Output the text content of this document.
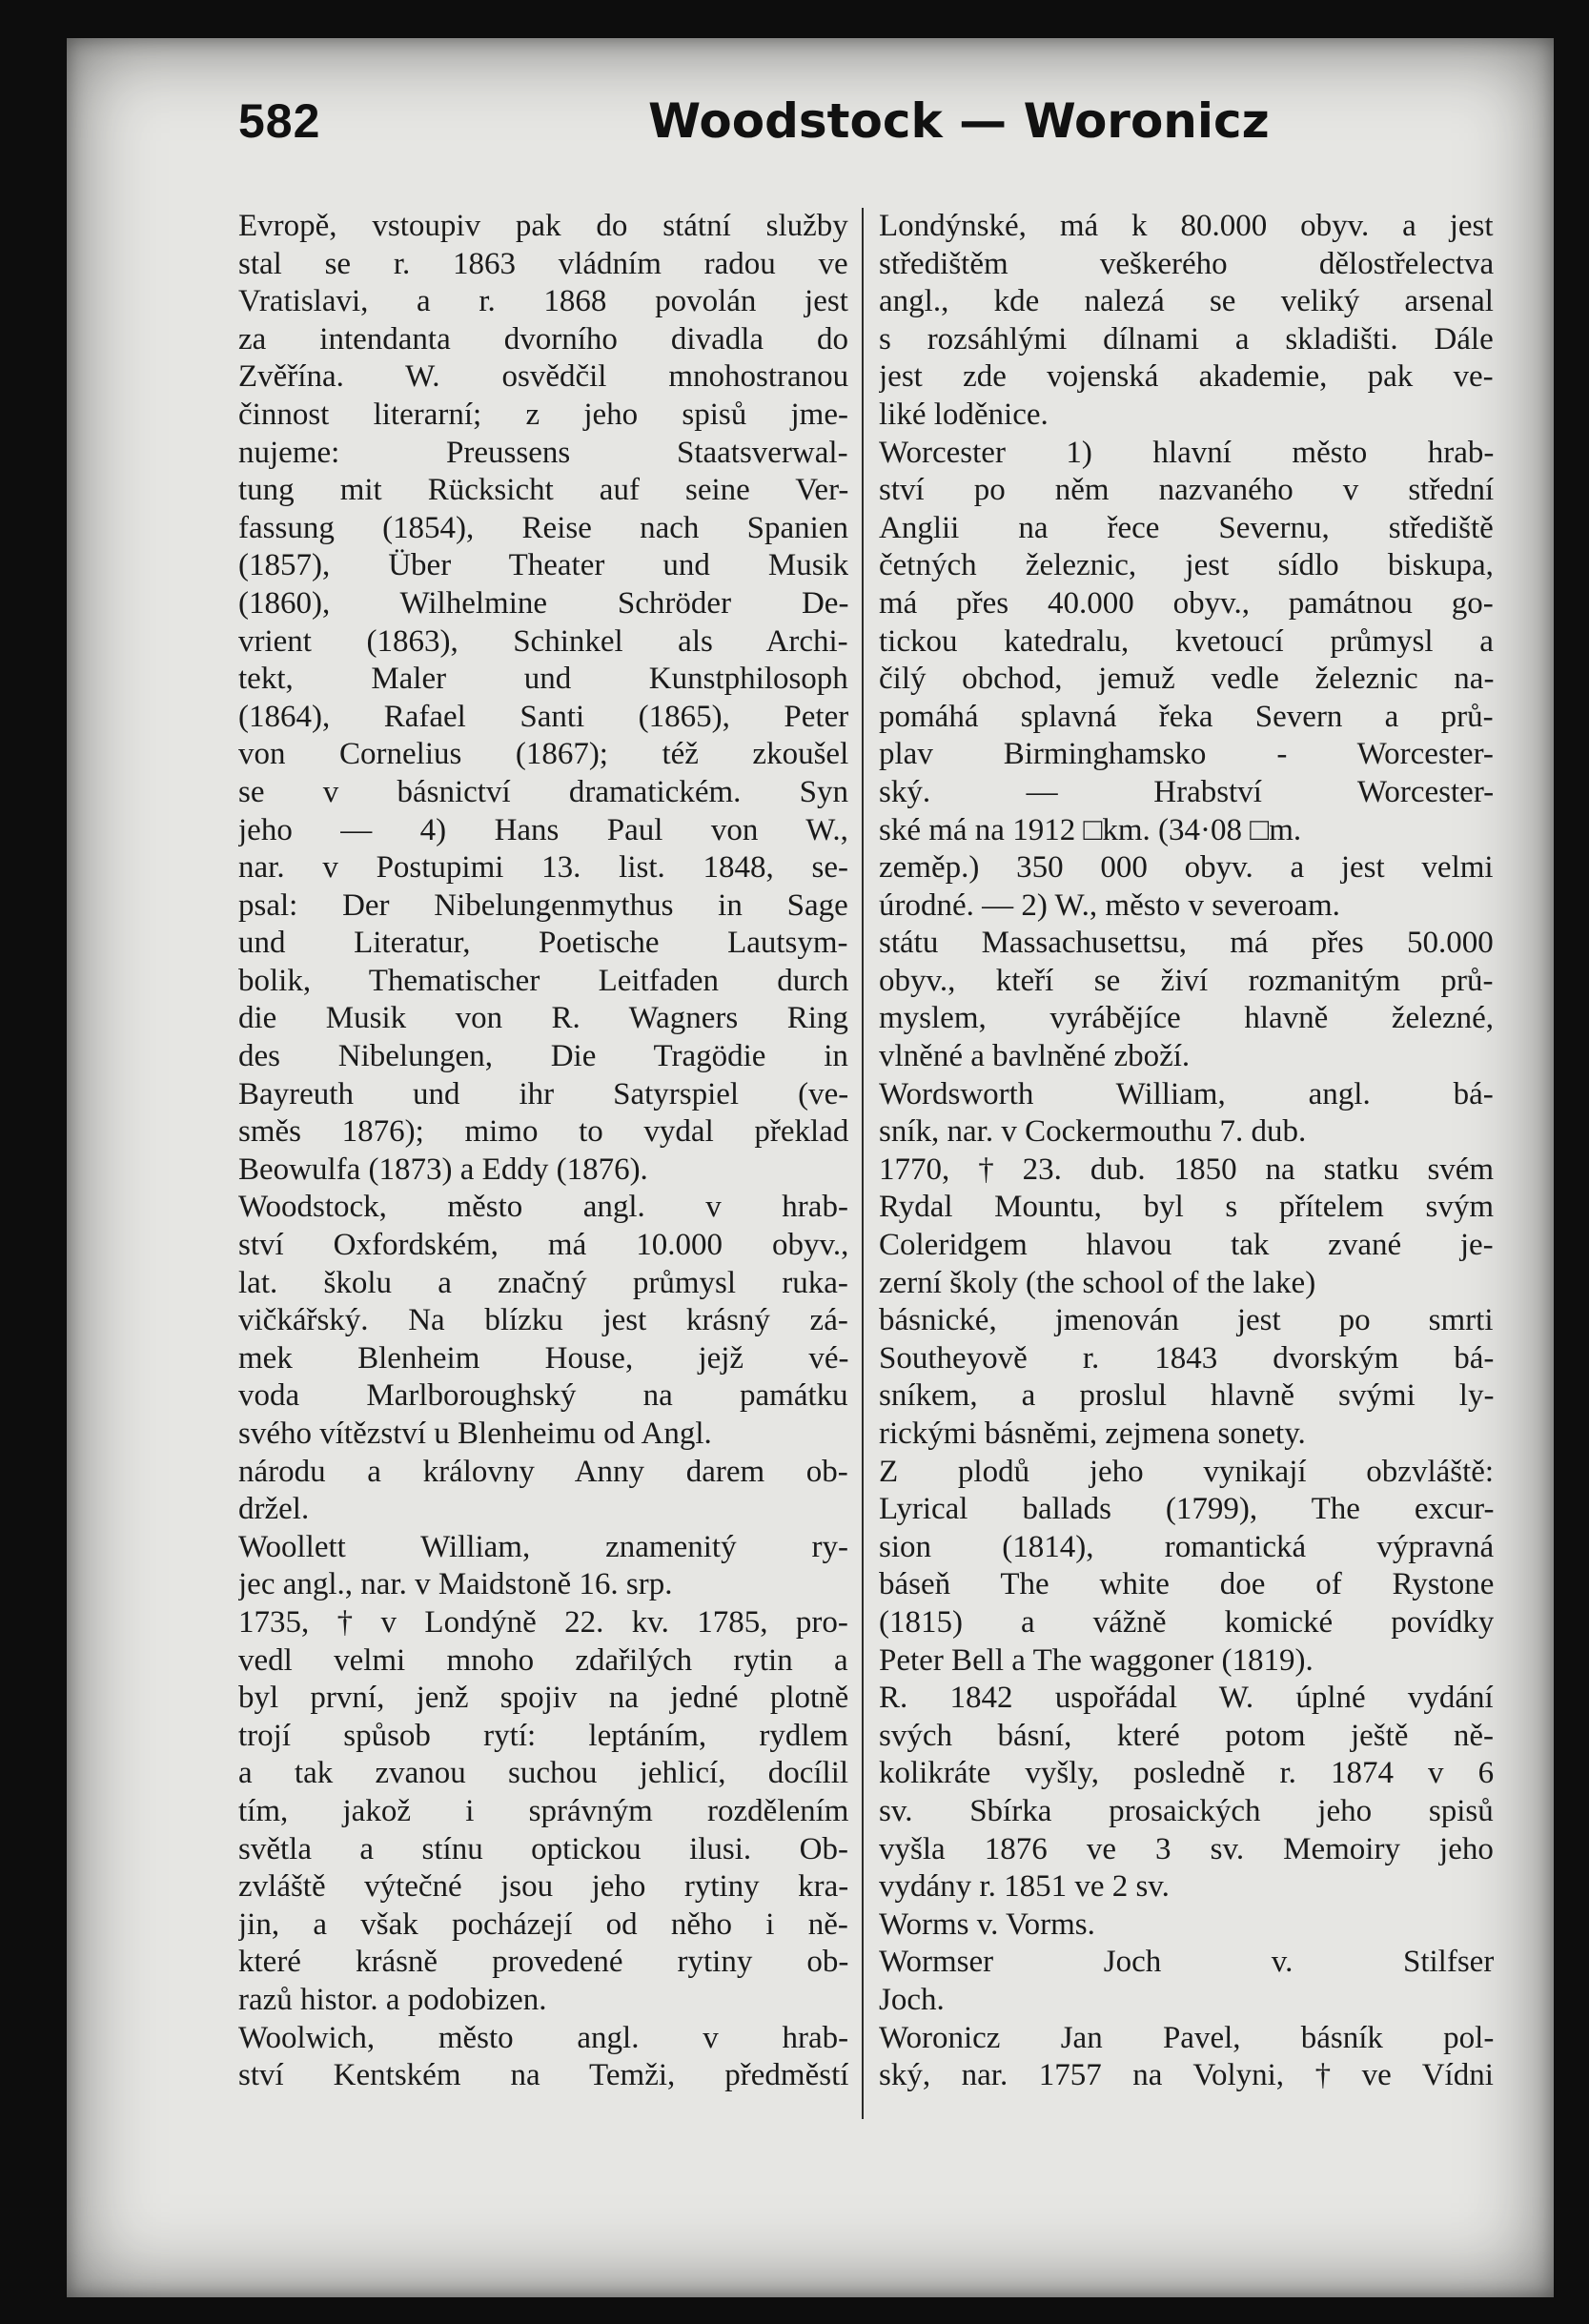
582	Woodstock — Woronicz
Evropě, vstoupiv pak do státní služby
stal se r. 1863 vládním radou ve
Vratislavi, a r. 1868 povolán jest
za intendanta dvorního divadla do
Zvěřína. W. osvědčil mnohostranou
činnost literarní; z jeho spisů jme-
nujeme: Preussens Staatsverwal-
tung mit Rücksicht auf seine Ver-
fassung (1854), Reise nach Spanien
(1857), Über Theater und Musik
(1860), Wilhelmine Schröder De-
vrient (1863), Schinkel als Archi-
tekt, Maler und Kunstphilosoph
(1864), Rafael Santi (1865), Peter
von Cornelius (1867); též zkoušel
se v básnictví dramatickém. Syn
jeho — 4) Hans Paul von W.,
nar. v Postupimi 13. list. 1848, se-
psal: Der Nibelungenmythus in Sage
und Literatur, Poetische Lautsym-
bolik, Thematischer Leitfaden durch
die Musik von R. Wagners Ring
des Nibelungen, Die Tragödie in
Bayreuth und ihr Satyrspiel (ve-
směs 1876); mimo to vydal překlad
Beowulfa (1873) a Eddy (1876).
Woodstock, město angl. v hrab-
ství Oxfordském, má 10.000 obyv.,
lat. školu a značný průmysl ruka-
vičkářský. Na blízku jest krásný zá-
mek Blenheim House, jejž vé-
voda Marlboroughský na památku
svého vítězství u Blenheimu od Angl.
národu a královny Anny darem ob-
držel.
Woollett William, znamenitý ry-
jec angl., nar. v Maidstoně 16. srp.
1735, † v Londýně 22. kv. 1785, pro-
vedl velmi mnoho zdařilých rytin a
byl první, jenž spojiv na jedné plotně
trojí spůsob rytí: leptáním, rydlem
a tak zvanou suchou jehlicí, docílil
tím, jakož i správným rozdělením
světla a stínu optickou ilusi. Ob-
zvláště výtečné jsou jeho rytiny kra-
jin, a však pocházejí od něho i ně-
které krásně provedené rytiny ob-
razů histor. a podobizen.
Woolwich, město angl. v hrab-
ství Kentském na Temži, předměstí
Londýnské, má k 80.000 obyv. a jest
středištěm veškerého dělostřelectva
angl., kde nalezá se veliký arsenal
s rozsáhlými dílnami a skladišti. Dále
jest zde vojenská akademie, pak ve-
liké loděnice.
Worcester 1) hlavní město hrab-
ství po něm nazvaného v střední
Anglii na řece Severnu, střediště
četných železnic, jest sídlo biskupa,
má přes 40.000 obyv., památnou go-
tickou katedralu, kvetoucí průmysl a
čilý obchod, jemuž vedle železnic na-
pomáhá splavná řeka Severn a prů-
plav Birminghamsko - Worcester-
ský. — Hrabství Worcester-
ské má na 1912 □km. (34·08 □m.
zeměp.) 350 000 obyv. a jest velmi
úrodné. — 2) W., město v severoam.
státu Massachusettsu, má přes 50.000
obyv., kteří se živí rozmanitým prů-
myslem, vyrábějíce hlavně železné,
vlněné a bavlněné zboží.
Wordsworth William, angl. bá-
sník, nar. v Cockermouthu 7. dub.
1770, † 23. dub. 1850 na statku svém
Rydal Mountu, byl s přítelem svým
Coleridgem hlavou tak zvané je-
zerní školy (the school of the lake)
básnické, jmenován jest po smrti
Southeyově r. 1843 dvorským bá-
sníkem, a proslul hlavně svými ly-
rickými básněmi, zejmena sonety.
Z plodů jeho vynikají obzvláště:
Lyrical ballads (1799), The excur-
sion (1814), romantická výpravná
báseň The white doe of Rystone
(1815) a vážně komické povídky
Peter Bell a The waggoner (1819).
R. 1842 uspořádal W. úplné vydání
svých básní, které potom ještě ně-
kolikráte vyšly, posledně r. 1874 v 6
sv. Sbírka prosaických jeho spisů
vyšla 1876 ve 3 sv. Memoiry jeho
vydány r. 1851 ve 2 sv.
Worms v. Vorms.
Wormser Joch v. Stilfser
Joch.
Woronicz Jan Pavel, básník pol-
ský, nar. 1757 na Volyni, † ve Vídni
